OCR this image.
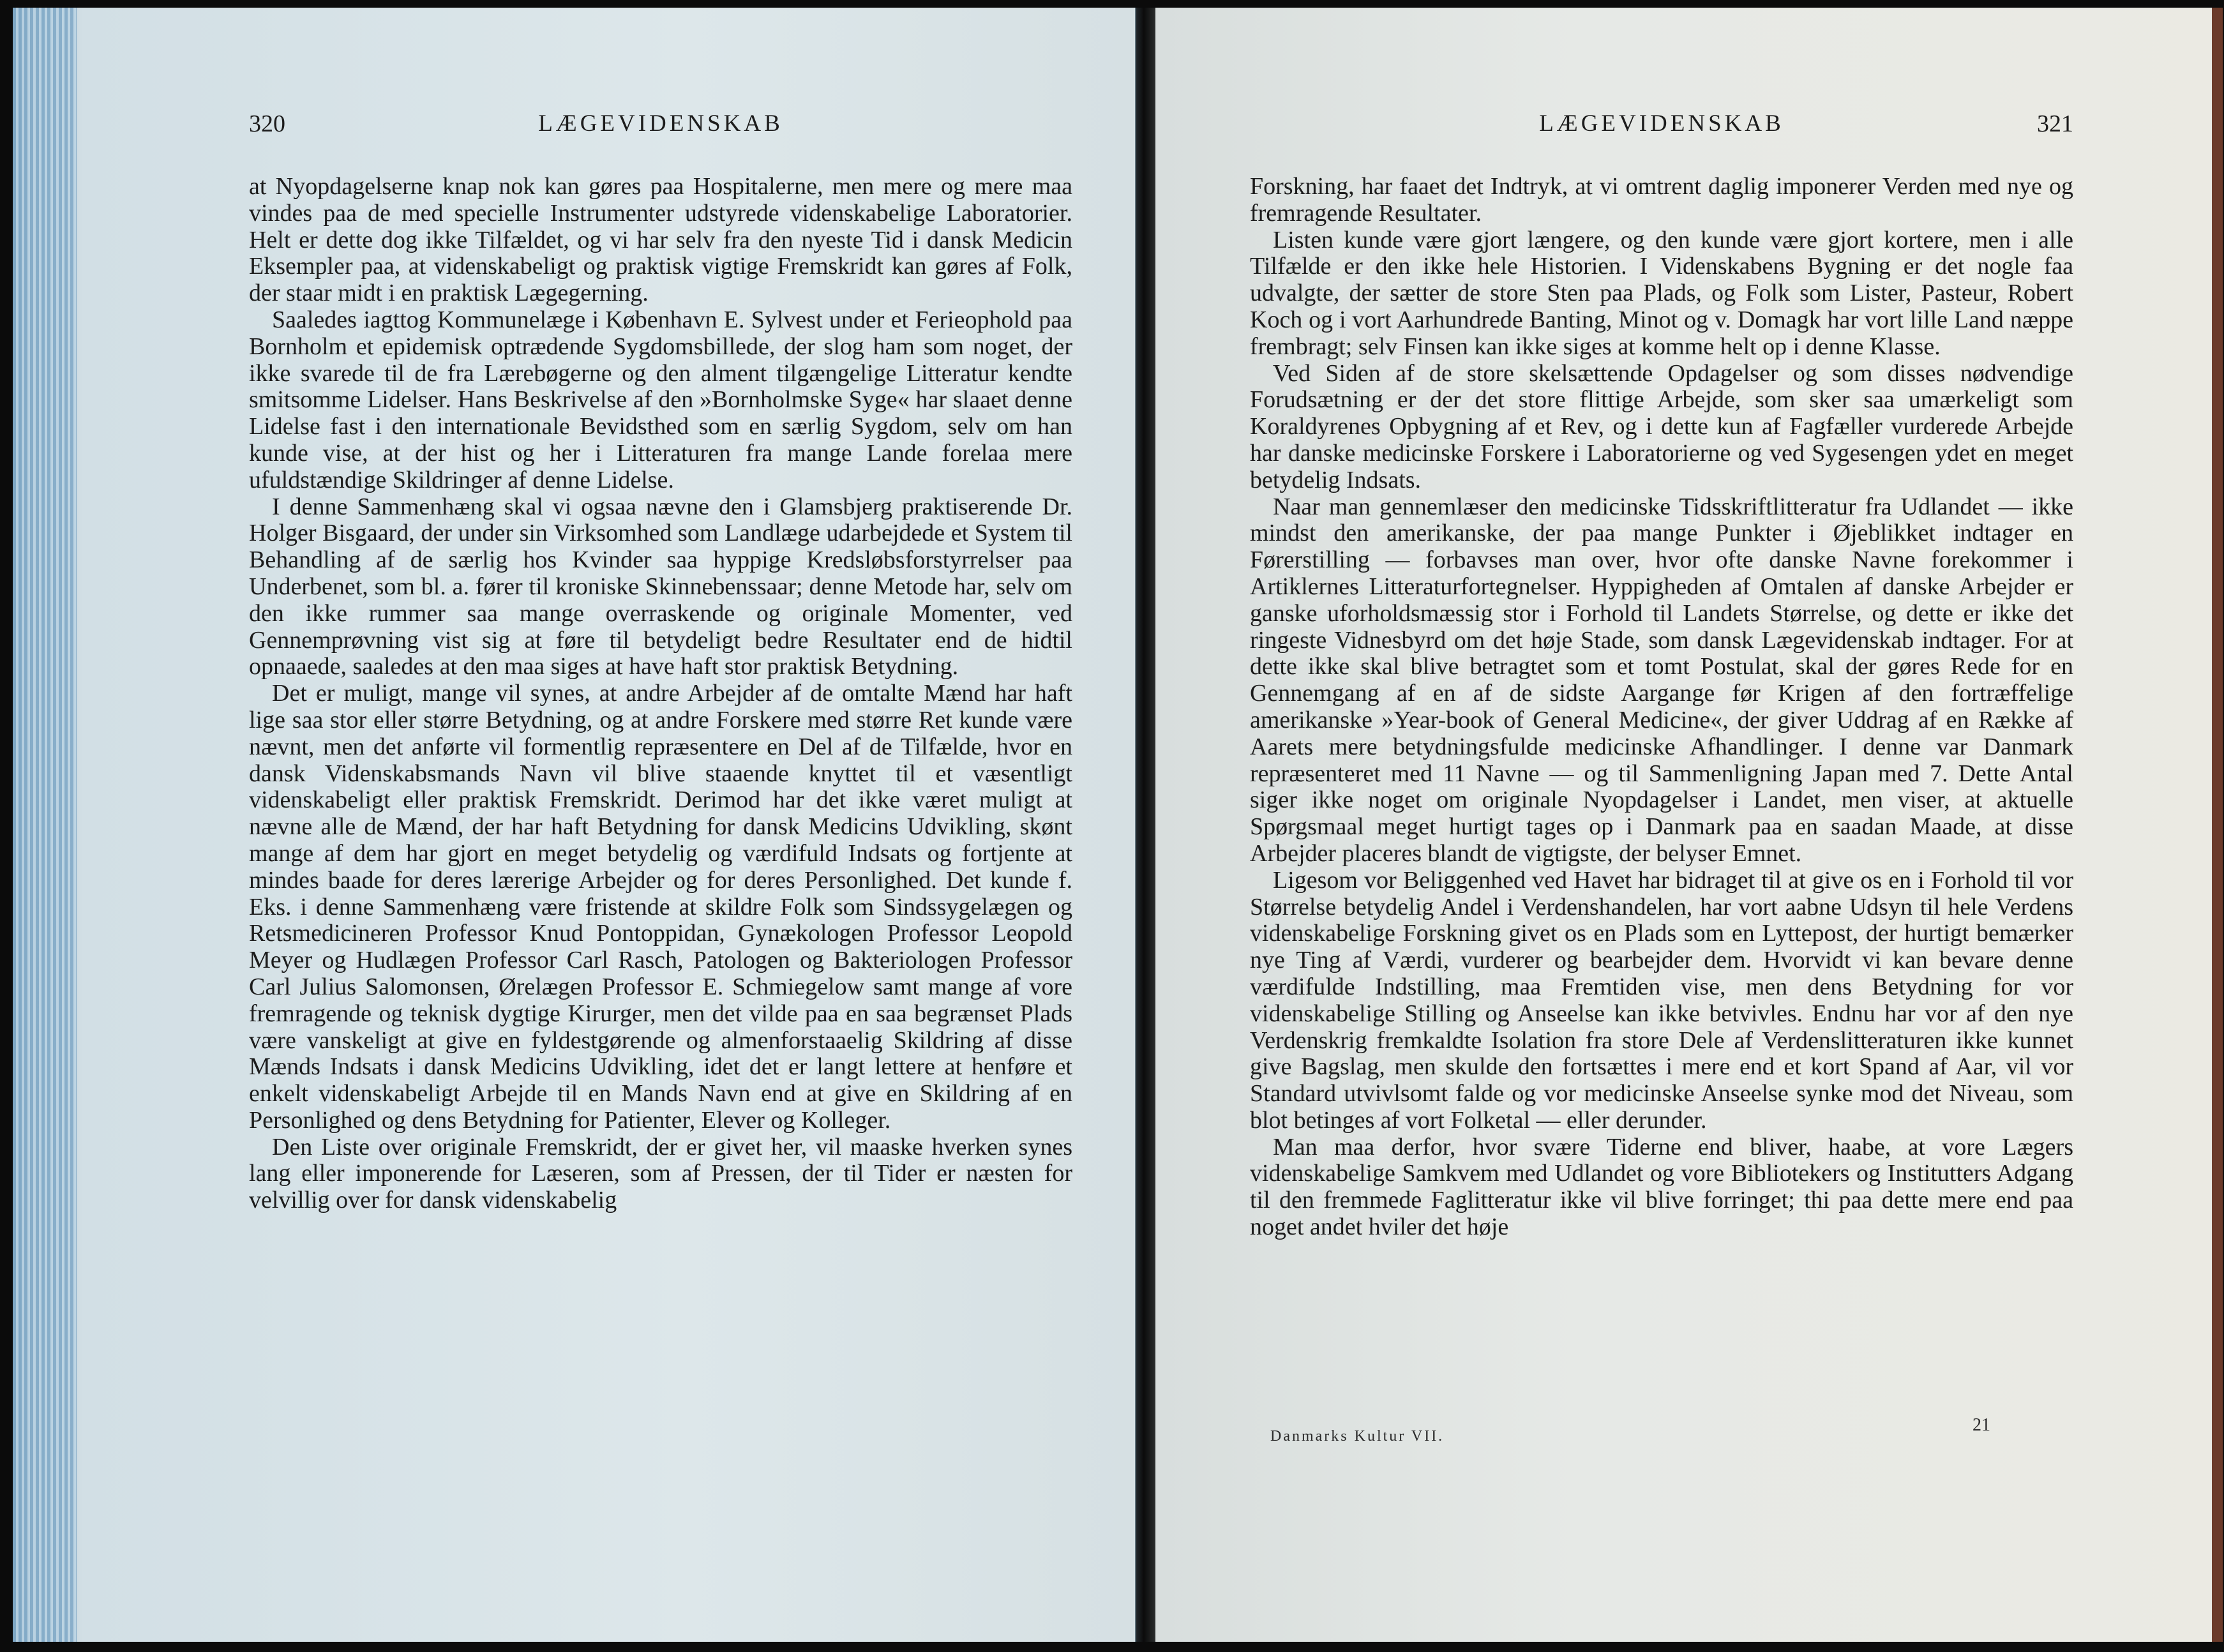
320	LÆGEVIDENSKAB

at Nyopdagelserne knap nok kan gøres paa Hospitalerne, men mere og mere maa vindes paa de med specielle Instrumenter udstyrede videnskabelige Laboratorier. Helt er dette dog ikke Tilfældet, og vi har selv fra den nyeste Tid i dansk Medicin Eksempler paa, at videnskabeligt og praktisk vigtige Fremskridt kan gøres af Folk, der staar midt i en praktisk Lægegerning.

Saaledes iagttog Kommunelæge i København E. Sylvest under et Ferieophold paa Bornholm et epidemisk optrædende Sygdomsbillede, der slog ham som noget, der ikke svarede til de fra Lærebøgerne og den alment tilgængelige Litteratur kendte smitsomme Lidelser. Hans Beskrivelse af den »Bornholmske Syge« har slaaet denne Lidelse fast i den internationale Bevidsthed som en særlig Sygdom, selv om han kunde vise, at der hist og her i Litteraturen fra mange Lande forelaa mere ufuldstændige Skildringer af denne Lidelse.

I denne Sammenhæng skal vi ogsaa nævne den i Glamsbjerg praktiserende Dr. Holger Bisgaard, der under sin Virksomhed som Landlæge udarbejdede et System til Behandling af de særlig hos Kvinder saa hyppige Kredsløbsforstyrrelser paa Underbenet, som bl. a. fører til kroniske Skinnebenssaar; denne Metode har, selv om den ikke rummer saa mange overraskende og originale Momenter, ved Gennemprøvning vist sig at føre til betydeligt bedre Resultater end de hidtil opnaaede, saaledes at den maa siges at have haft stor praktisk Betydning.

Det er muligt, mange vil synes, at andre Arbejder af de omtalte Mænd har haft lige saa stor eller større Betydning, og at andre Forskere med større Ret kunde være nævnt, men det anførte vil formentlig repræsentere en Del af de Tilfælde, hvor en dansk Videnskabsmands Navn vil blive staaende knyttet til et væsentligt videnskabeligt eller praktisk Fremskridt. Derimod har det ikke været muligt at nævne alle de Mænd, der har haft Betydning for dansk Medicins Udvikling, skønt mange af dem har gjort en meget betydelig og værdifuld Indsats og fortjente at mindes baade for deres lærerige Arbejder og for deres Personlighed. Det kunde f. Eks. i denne Sammenhæng være fristende at skildre Folk som Sindssygelægen og Retsmedicineren Professor Knud Pontoppidan, Gynækologen Professor Leopold Meyer og Hudlægen Professor Carl Rasch, Patologen og Bakteriologen Professor Carl Julius Salomonsen, Ørelægen Professor E. Schmiegelow samt mange af vore fremragende og teknisk dygtige Kirurger, men det vilde paa en saa begrænset Plads være vanskeligt at give en fyldestgørende og almenforstaaelig Skildring af disse Mænds Indsats i dansk Medicins Udvikling, idet det er langt lettere at henføre et enkelt videnskabeligt Arbejde til en Mands Navn end at give en Skildring af en Personlighed og dens Betydning for Patienter, Elever og Kolleger.

Den Liste over originale Fremskridt, der er givet her, vil maaske hverken synes lang eller imponerende for Læseren, som af Pressen, der til Tider er næsten for velvillig over for dansk videnskabelig

LÆGEVIDENSKAB	321

Forskning, har faaet det Indtryk, at vi omtrent daglig imponerer Verden med nye og fremragende Resultater.

Listen kunde være gjort længere, og den kunde være gjort kortere, men i alle Tilfælde er den ikke hele Historien. I Videnskabens Bygning er det nogle faa udvalgte, der sætter de store Sten paa Plads, og Folk som Lister, Pasteur, Robert Koch og i vort Aarhundrede Banting, Minot og v. Domagk har vort lille Land næppe frembragt; selv Finsen kan ikke siges at komme helt op i denne Klasse.

Ved Siden af de store skelsættende Opdagelser og som disses nødvendige Forudsætning er der det store flittige Arbejde, som sker saa umærkeligt som Koraldyrenes Opbygning af et Rev, og i dette kun af Fagfæller vurderede Arbejde har danske medicinske Forskere i Laboratorierne og ved Sygesengen ydet en meget betydelig Indsats.

Naar man gennemlæser den medicinske Tidsskriftlitteratur fra Udlandet — ikke mindst den amerikanske, der paa mange Punkter i Øjeblikket indtager en Førerstilling — forbavses man over, hvor ofte danske Navne forekommer i Artiklernes Litteraturfortegnelser. Hyppigheden af Omtalen af danske Arbejder er ganske uforholdsmæssig stor i Forhold til Landets Størrelse, og dette er ikke det ringeste Vidnesbyrd om det høje Stade, som dansk Lægevidenskab indtager. For at dette ikke skal blive betragtet som et tomt Postulat, skal der gøres Rede for en Gennemgang af en af de sidste Aargange før Krigen af den fortræffelige amerikanske »Year-book of General Medicine«, der giver Uddrag af en Række af Aarets mere betydningsfulde medicinske Afhandlinger. I denne var Danmark repræsenteret med 11 Navne — og til Sammenligning Japan med 7. Dette Antal siger ikke noget om originale Nyopdagelser i Landet, men viser, at aktuelle Spørgsmaal meget hurtigt tages op i Danmark paa en saadan Maade, at disse Arbejder placeres blandt de vigtigste, der belyser Emnet.

Ligesom vor Beliggenhed ved Havet har bidraget til at give os en i Forhold til vor Størrelse betydelig Andel i Verdenshandelen, har vort aabne Udsyn til hele Verdens videnskabelige Forskning givet os en Plads som en Lyttepost, der hurtigt bemærker nye Ting af Værdi, vurderer og bearbejder dem. Hvorvidt vi kan bevare denne værdifulde Indstilling, maa Fremtiden vise, men dens Betydning for vor videnskabelige Stilling og Anseelse kan ikke betvivles. Endnu har vor af den nye Verdenskrig fremkaldte Isolation fra store Dele af Verdenslitteraturen ikke kunnet give Bagslag, men skulde den fortsættes i mere end et kort Spand af Aar, vil vor Standard utvivlsomt falde og vor medicinske Anseelse synke mod det Niveau, som blot betinges af vort Folketal — eller derunder.

Man maa derfor, hvor svære Tiderne end bliver, haabe, at vore Lægers videnskabelige Samkvem med Udlandet og vore Bibliotekers og Institutters Adgang til den fremmede Faglitteratur ikke vil blive forringet; thi paa dette mere end paa noget andet hviler det høje

Danmarks Kultur VII.
21
